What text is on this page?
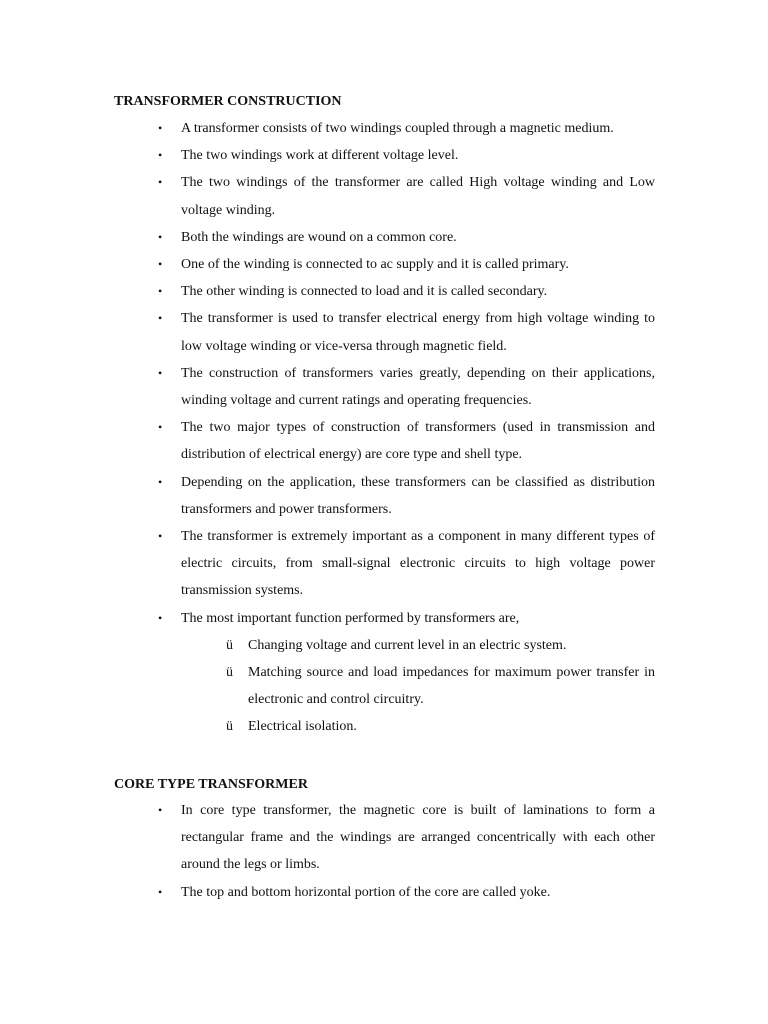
TRANSFORMER CONSTRUCTION
• A transformer consists of two windings coupled through a magnetic medium.
• The two windings work at different voltage level.
• The two windings of the transformer are called High voltage winding and Low voltage winding.
• Both the windings are wound on a common core.
• One of the winding is connected to ac supply and it is called primary.
• The other winding is connected to load and it is called secondary.
• The transformer is used to transfer electrical energy from high voltage winding to low voltage winding or vice-versa through magnetic field.
• The construction of transformers varies greatly, depending on their applications, winding voltage and current ratings and operating frequencies.
• The two major types of construction of transformers (used in transmission and distribution of electrical energy) are core type and shell type.
• Depending on the application, these transformers can be classified as distribution transformers and power transformers.
• The transformer is extremely important as a component in many different types of electric circuits, from small-signal electronic circuits to high voltage power transmission systems.
• The most important function performed by transformers are,
ü Changing voltage and current level in an electric system.
ü Matching source and load impedances for maximum power transfer in electronic and control circuitry.
ü Electrical isolation.
CORE TYPE TRANSFORMER
• In core type transformer, the magnetic core is built of laminations to form a rectangular frame and the windings are arranged concentrically with each other around the legs or limbs.
• The top and bottom horizontal portion of the core are called yoke.
